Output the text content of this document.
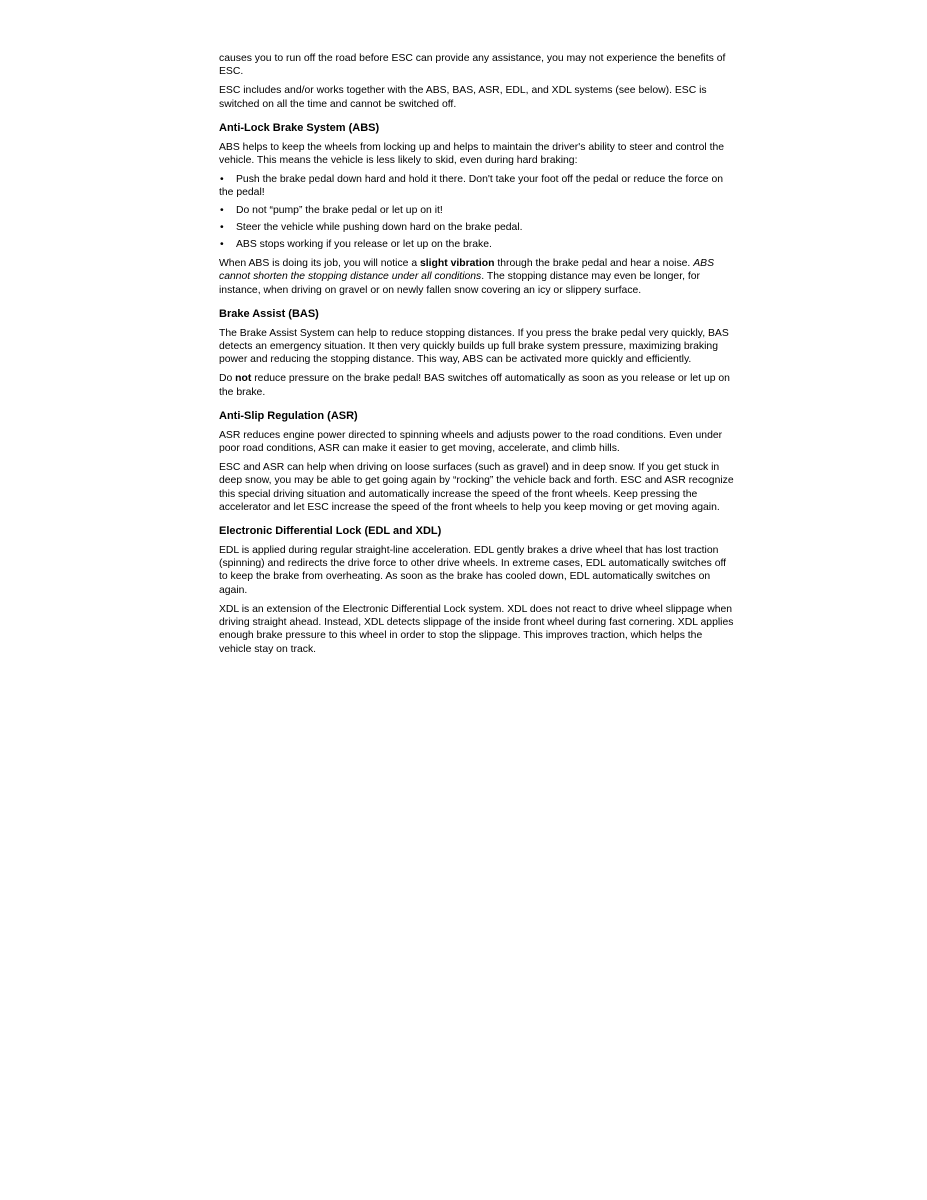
causes you to run off the road before ESC can provide any assistance, you may not experience the benefits of ESC.

ESC includes and/or works together with the ABS, BAS, ASR, EDL, and XDL systems (see below). ESC is switched on all the time and cannot be switched off.

Anti-Lock Brake System (ABS)

ABS helps to keep the wheels from locking up and helps to maintain the driver's ability to steer and control the vehicle. This means the vehicle is less likely to skid, even during hard braking:

• Push the brake pedal down hard and hold it there. Don't take your foot off the pedal or reduce the force on the pedal!
• Do not “pump” the brake pedal or let up on it!
• Steer the vehicle while pushing down hard on the brake pedal.
• ABS stops working if you release or let up on the brake.

When ABS is doing its job, you will notice a slight vibration through the brake pedal and hear a noise. ABS cannot shorten the stopping distance under all conditions. The stopping distance may even be longer, for instance, when driving on gravel or on newly fallen snow covering an icy or slippery surface.

Brake Assist (BAS)

The Brake Assist System can help to reduce stopping distances. If you press the brake pedal very quickly, BAS detects an emergency situation. It then very quickly builds up full brake system pressure, maximizing braking power and reducing the stopping distance. This way, ABS can be activated more quickly and efficiently.

Do not reduce pressure on the brake pedal! BAS switches off automatically as soon as you release or let up on the brake.

Anti-Slip Regulation (ASR)

ASR reduces engine power directed to spinning wheels and adjusts power to the road conditions. Even under poor road conditions, ASR can make it easier to get moving, accelerate, and climb hills.

ESC and ASR can help when driving on loose surfaces (such as gravel) and in deep snow. If you get stuck in deep snow, you may be able to get going again by “rocking” the vehicle back and forth. ESC and ASR recognize this special driving situation and automatically increase the speed of the front wheels. Keep pressing the accelerator and let ESC increase the speed of the front wheels to help you keep moving or get moving again.

Electronic Differential Lock (EDL and XDL)

EDL is applied during regular straight-line acceleration. EDL gently brakes a drive wheel that has lost traction (spinning) and redirects the drive force to other drive wheels. In extreme cases, EDL automatically switches off to keep the brake from overheating. As soon as the brake has cooled down, EDL automatically switches on again.

XDL is an extension of the Electronic Differential Lock system. XDL does not react to drive wheel slippage when driving straight ahead. Instead, XDL detects slippage of the inside front wheel during fast cornering. XDL applies enough brake pressure to this wheel in order to stop the slippage. This improves traction, which helps the vehicle stay on track.
